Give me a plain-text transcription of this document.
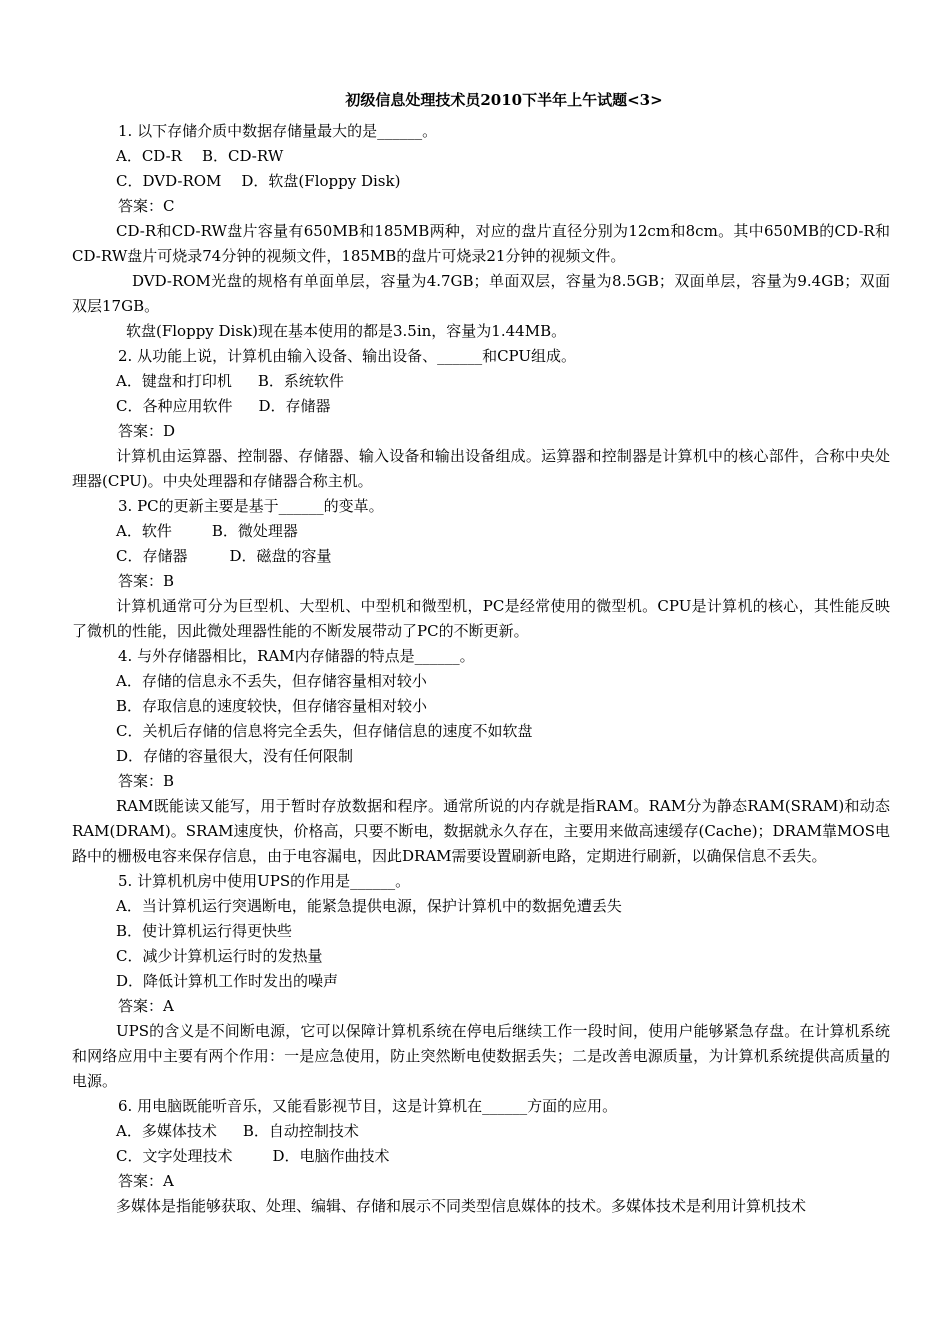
初级信息处理技术员2010下半年上午试题<3>
1. 以下存储介质中数据存储量最大的是______。
A．CD-R B．CD-RW
C．DVD-ROM D．软盘(Floppy Disk)
答案：C
CD-R和CD-RW盘片容量有650MB和185MB两种，对应的盘片直径分别为12cm和8cm。其中650MB的CD-R和CD-RW盘片可烧录74分钟的视频文件，185MB的盘片可烧录21分钟的视频文件。
DVD-ROM光盘的规格有单面单层，容量为4.7GB；单面双层，容量为8.5GB；双面单层，容量为9.4GB；双面双层17GB。
软盘(Floppy Disk)现在基本使用的都是3.5in，容量为1.44MB。
2. 从功能上说，计算机由输入设备、输出设备、______和CPU组成。
A．键盘和打印机 B．系统软件
C．各种应用软件 D．存储器
答案：D
计算机由运算器、控制器、存储器、输入设备和输出设备组成。运算器和控制器是计算机中的核心部件，合称中央处理器(CPU)。中央处理器和存储器合称主机。
3. PC的更新主要是基于______的变革。
A．软件	B．微处理器
C．存储器	D．磁盘的容量
答案：B
计算机通常可分为巨型机、大型机、中型机和微型机，PC是经常使用的微型机。CPU是计算机的核心，其性能反映了微机的性能，因此微处理器性能的不断发展带动了PC的不断更新。
4. 与外存储器相比，RAM内存储器的特点是______。
A．存储的信息永不丢失，但存储容量相对较小
B．存取信息的速度较快，但存储容量相对较小
C．关机后存储的信息将完全丢失，但存储信息的速度不如软盘
D．存储的容量很大，没有任何限制
答案：B
RAM既能读又能写，用于暂时存放数据和程序。通常所说的内存就是指RAM。RAM分为静态RAM(SRAM)和动态RAM(DRAM)。SRAM速度快，价格高，只要不断电，数据就永久存在，主要用来做高速缓存(Cache)；DRAM靠MOS电路中的栅极电容来保存信息，由于电容漏电，因此DRAM需要设置刷新电路，定期进行刷新，以确保信息不丢失。
5. 计算机机房中使用UPS的作用是______。
A．当计算机运行突遇断电，能紧急提供电源，保护计算机中的数据免遭丢失
B．使计算机运行得更快些
C．减少计算机运行时的发热量
D．降低计算机工作时发出的噪声
答案：A
UPS的含义是不间断电源，它可以保障计算机系统在停电后继续工作一段时间，使用户能够紧急存盘。在计算机系统和网络应用中主要有两个作用：一是应急使用，防止突然断电使数据丢失；二是改善电源质量，为计算机系统提供高质量的电源。
6. 用电脑既能听音乐，又能看影视节目，这是计算机在______方面的应用。
A．多媒体技术 B．自动控制技术
C．文字处理技术	D．电脑作曲技术
答案：A
多媒体是指能够获取、处理、编辑、存储和展示不同类型信息媒体的技术。多媒体技术是利用计算机技术
